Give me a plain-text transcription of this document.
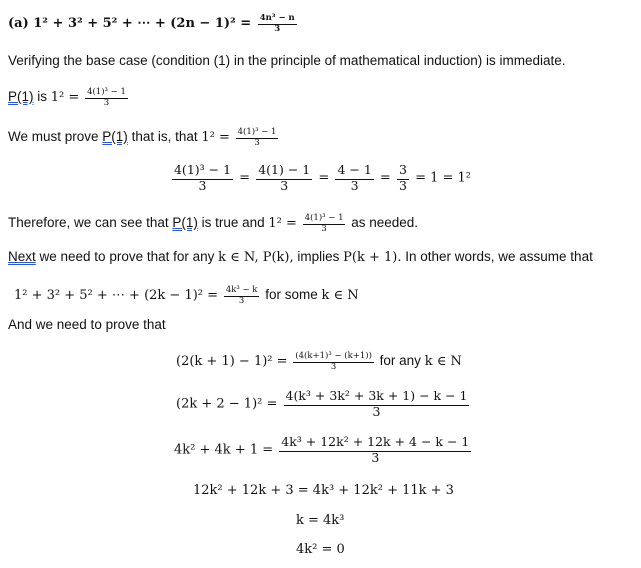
(a) 1² + 3² + 5² + ⋯ + $(2n - 1)^2 = \frac{\text{4n³ − n}}{3}$
Verifying the base case (condition (1) in the principle of mathematical induction) is immediate.
P(1) is $1^2 = \frac{\text{4(1)³ − 1}}{3}$
We must prove P(1) that is, that $1^2 = \frac{\text{4(1)³ − 1}}{3}$
$\frac{\text{4(1)³ − 1}}{3} = \frac{4(1) - 1}{3} = \frac{4 - 1}{3} = \frac{3}{3} = 1 = 1^2$
Therefore, we can see that P(1) is true and $1^2 = \frac{\text{4(1)³ − 1}}{3}$ as needed.
Next we need to prove that for any k ∈ N, P(k), implies P(k + 1). In other words, we assume that
1² + 3² + 5² + ⋯ + $(2k - 1)^2 = \frac{\text{4k³ − k}}{3}$ for some k ∈ N
And we need to prove that
$(2(k + 1) - 1)^2 = \frac{\text{(4(k+1)³ − (k+1))}}{3}$ for any k ∈ N
$(2k + 2 - 1)^2 = \frac{\text{4(k³ + 3k² + 3k + 1) − k − 1}}{3}$
$4k^2 + 4k + 1 = \frac{\text{4k³ + 12k² + 12k + 4 − k − 1}}{3}$
12k² + 12k + 3 = 4k³ + 12k² + 11k + 3
k = 4k³
4k² = 0
